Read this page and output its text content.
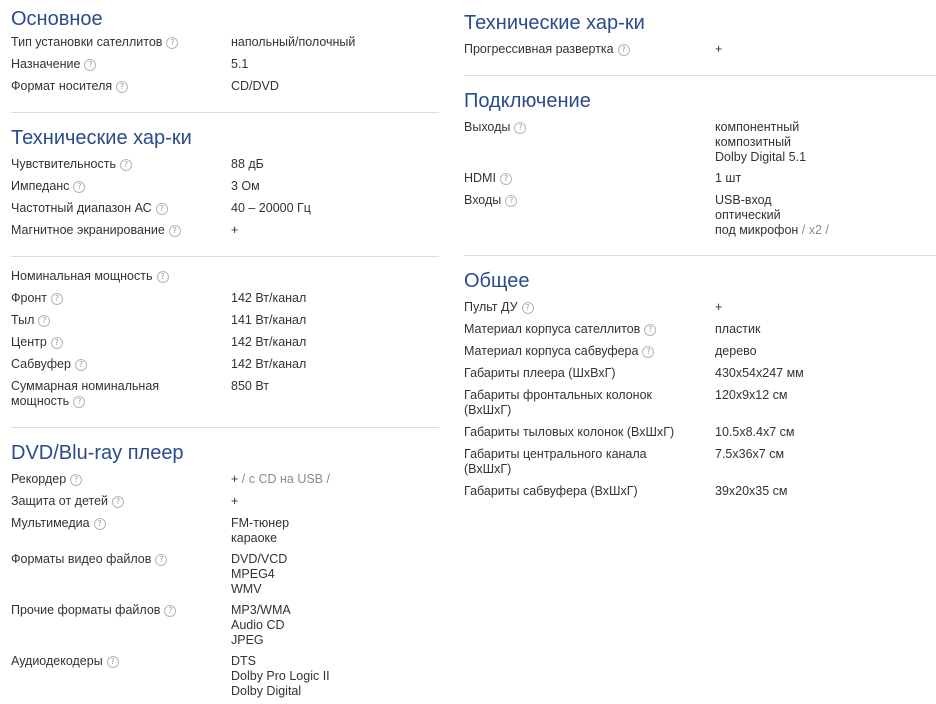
Основное
Тип установки сателлитов ?	напольный/полочный
Назначение ?	5.1
Формат носителя ?	CD/DVD
Технические хар-ки
Чувствительность ?	88 дБ
Импеданс ?	3 Ом
Частотный диапазон АС ?	40 – 20000 Гц
Магнитное экранирование ?	+
Номинальная мощность ?
Фронт ?	142 Вт/канал
Тыл ?	141 Вт/канал
Центр ?	142 Вт/канал
Сабвуфер ?	142 Вт/канал
Суммарная номинальная
мощность ?
850 Вт
DVD/Blu-ray плеер
Рекордер ?	+ / с CD на USB /
Защита от детей ?	+
Мультимедиа ?	FM-тюнер
караоке
Форматы видео файлов ?	DVD/VCD
MPEG4
WMV
Прочие форматы файлов ?	MP3/WMA
Audio CD
JPEG
Аудиодекодеры ?	DTS
Dolby Pro Logic II
Dolby Digital
Технические хар-ки
Прогрессивная развертка ?	+
Подключение
Выходы ?	компонентный
композитный
Dolby Digital 5.1
HDMI ?	1 шт
Входы ?	USB-вход
оптический
под микрофон / x2 /
Общее
Пульт ДУ ?	+
Материал корпуса сателлитов ?	пластик
Материал корпуса сабвуфера ?	дерево
Габариты плеера (ШхВхГ)	430x54x247 мм
Габариты фронтальных колонок
(ВхШхГ)
120x9x12 см
Габариты тыловых колонок (ВхШхГ)	10.5x8.4x7 см
Габариты центрального канала
(ВхШхГ)
7.5x36x7 см
Габариты сабвуфера (ВхШхГ)	39x20x35 см
